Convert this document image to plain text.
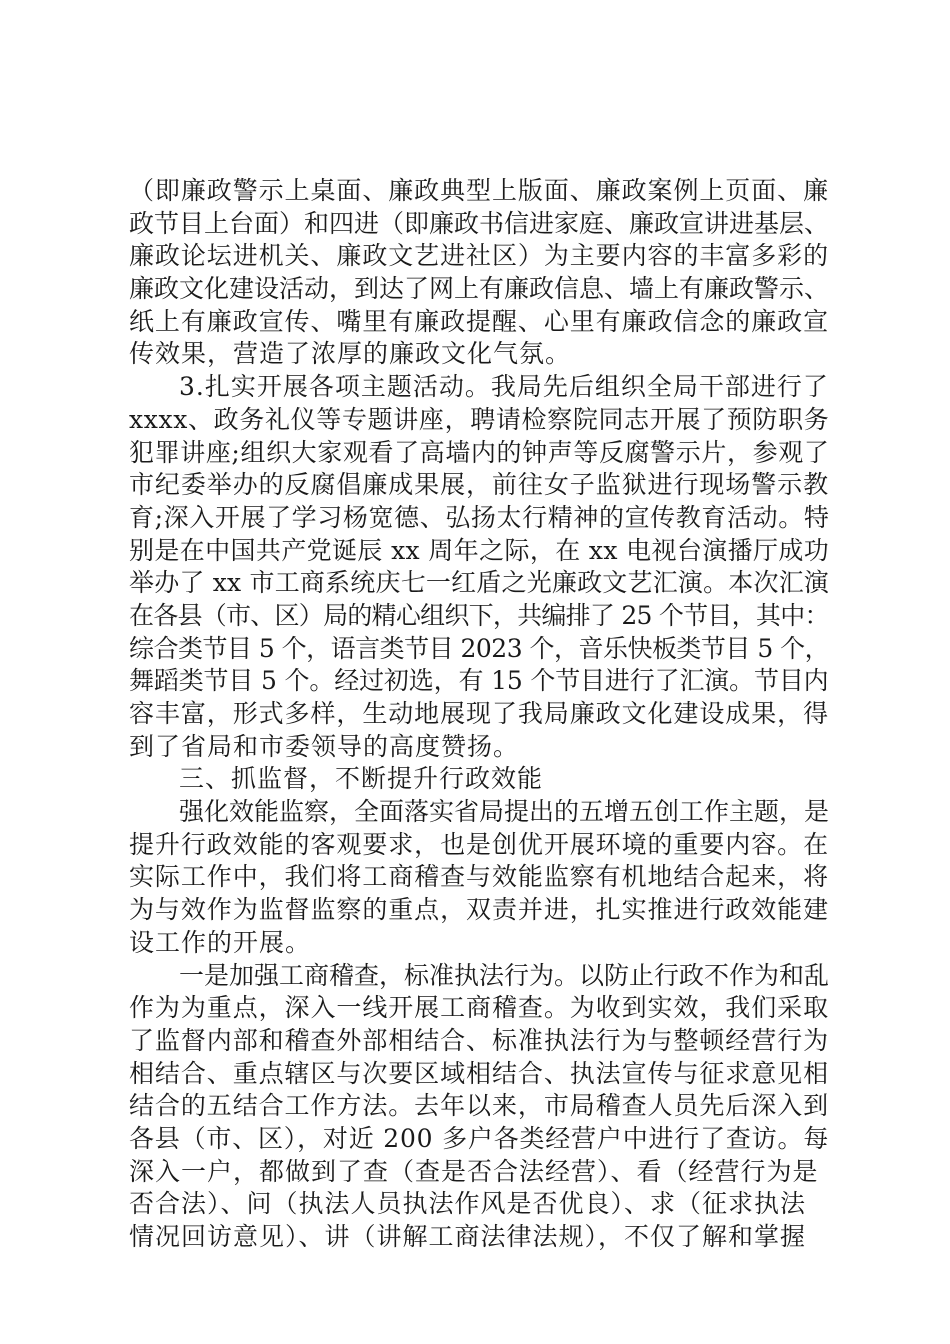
（即廉政警示上桌面、廉政典型上版面、廉政案例上页面、廉
政节目上台面）和四进（即廉政书信进家庭、廉政宣讲进基层、
廉政论坛进机关、廉政文艺进社区）为主要内容的丰富多彩的
廉政文化建设活动，到达了网上有廉政信息、墙上有廉政警示、
纸上有廉政宣传、嘴里有廉政提醒、心里有廉政信念的廉政宣
传效果，营造了浓厚的廉政文化气氛。
3.扎实开展各项主题活动。我局先后组织全局干部进行了
xxxx、政务礼仪等专题讲座，聘请检察院同志开展了预防职务
犯罪讲座;组织大家观看了高墙内的钟声等反腐警示片，参观了
市纪委举办的反腐倡廉成果展，前往女子监狱进行现场警示教
育;深入开展了学习杨宽德、弘扬太行精神的宣传教育活动。特
别是在中国共产党诞辰 xx 周年之际，在 xx 电视台演播厅成功
举办了 xx 市工商系统庆七一红盾之光廉政文艺汇演。本次汇演
在各县（市、区）局的精心组织下，共编排了 25 个节目，其中：
综合类节目 5 个，语言类节目 2023 个，音乐快板类节目 5 个，
舞蹈类节目 5 个。经过初选，有 15 个节目进行了汇演。节目内
容丰富，形式多样，生动地展现了我局廉政文化建设成果，得
到了省局和市委领导的高度赞扬。
三、抓监督，不断提升行政效能
强化效能监察，全面落实省局提出的五增五创工作主题，是
提升行政效能的客观要求，也是创优开展环境的重要内容。在
实际工作中，我们将工商稽查与效能监察有机地结合起来，将
为与效作为监督监察的重点，双责并进，扎实推进行政效能建
设工作的开展。
一是加强工商稽查，标准执法行为。以防止行政不作为和乱
作为为重点，深入一线开展工商稽查。为收到实效，我们采取
了监督内部和稽查外部相结合、标准执法行为与整顿经营行为
相结合、重点辖区与次要区域相结合、执法宣传与征求意见相
结合的五结合工作方法。去年以来，市局稽查人员先后深入到
各县（市、区），对近 200 多户各类经营户中进行了查访。每
深入一户，都做到了查（查是否合法经营）、看（经营行为是
否合法）、问（执法人员执法作风是否优良）、求（征求执法
情况回访意见）、讲（讲解工商法律法规），不仅了解和掌握
